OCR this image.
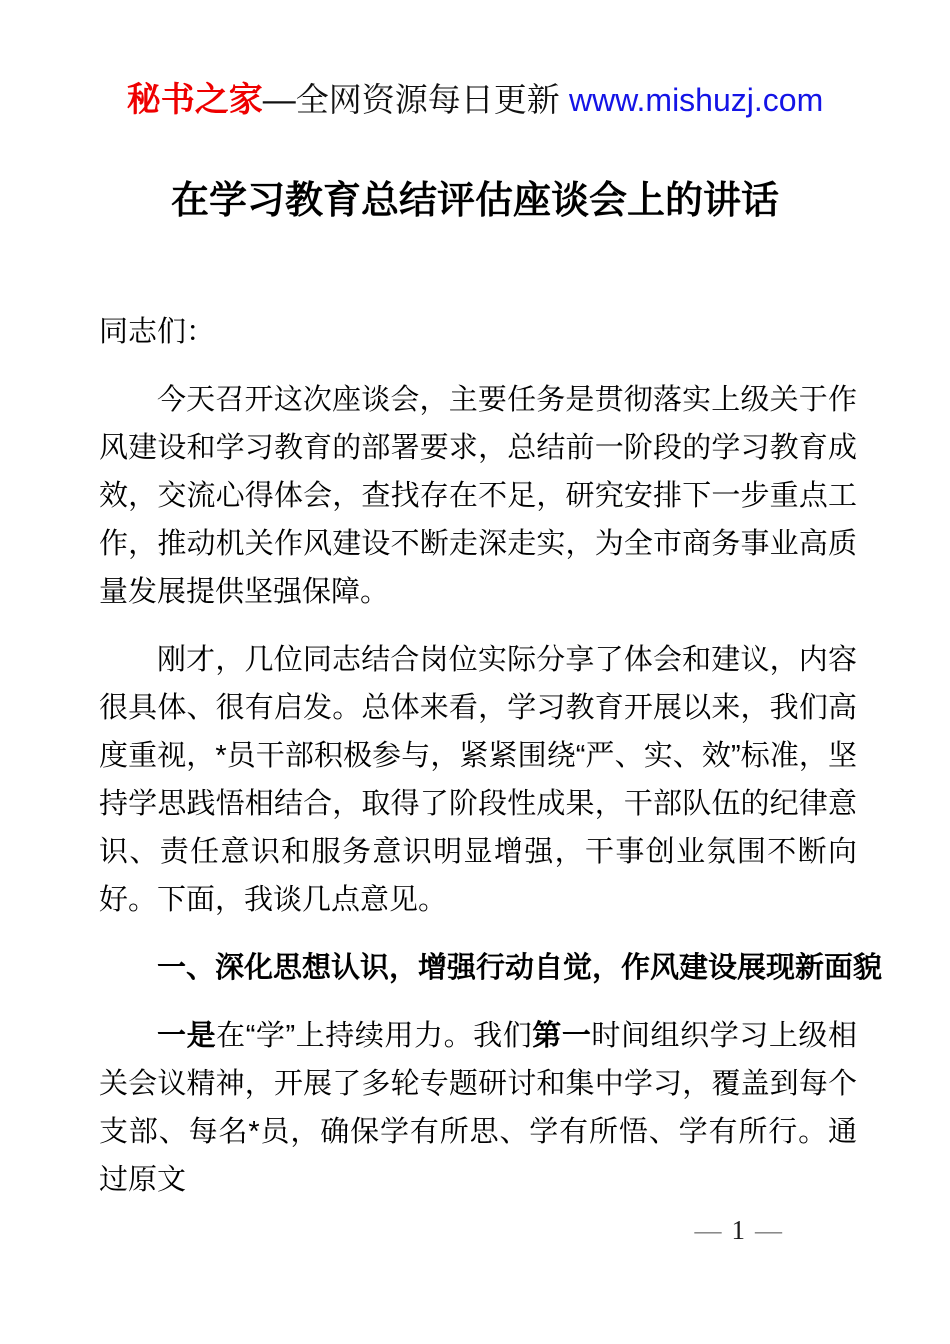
秘书之家—全网资源每日更新 www.mishuzj.com
在学习教育总结评估座谈会上的讲话

同志们：

今天召开这次座谈会，主要任务是贯彻落实上级关于作风建设和学习教育的部署要求，总结前一阶段的学习教育成效，交流心得体会，查找存在不足，研究安排下一步重点工作，推动机关作风建设不断走深走实，为全市商务事业高质量发展提供坚强保障。

刚才，几位同志结合岗位实际分享了体会和建议，内容很具体、很有启发。总体来看，学习教育开展以来，我们高度重视，*员干部积极参与，紧紧围绕“严、实、效”标准，坚持学思践悟相结合，取得了阶段性成果，干部队伍的纪律意识、责任意识和服务意识明显增强，干事创业氛围不断向好。下面，我谈几点意见。

一、深化思想认识，增强行动自觉，作风建设展现新面貌

一是在“学”上持续用力。我们第一时间组织学习上级相关会议精神，开展了多轮专题研讨和集中学习，覆盖到每个支部、每名*员，确保学有所思、学有所悟、学有所行。通过原文

— 1 —
